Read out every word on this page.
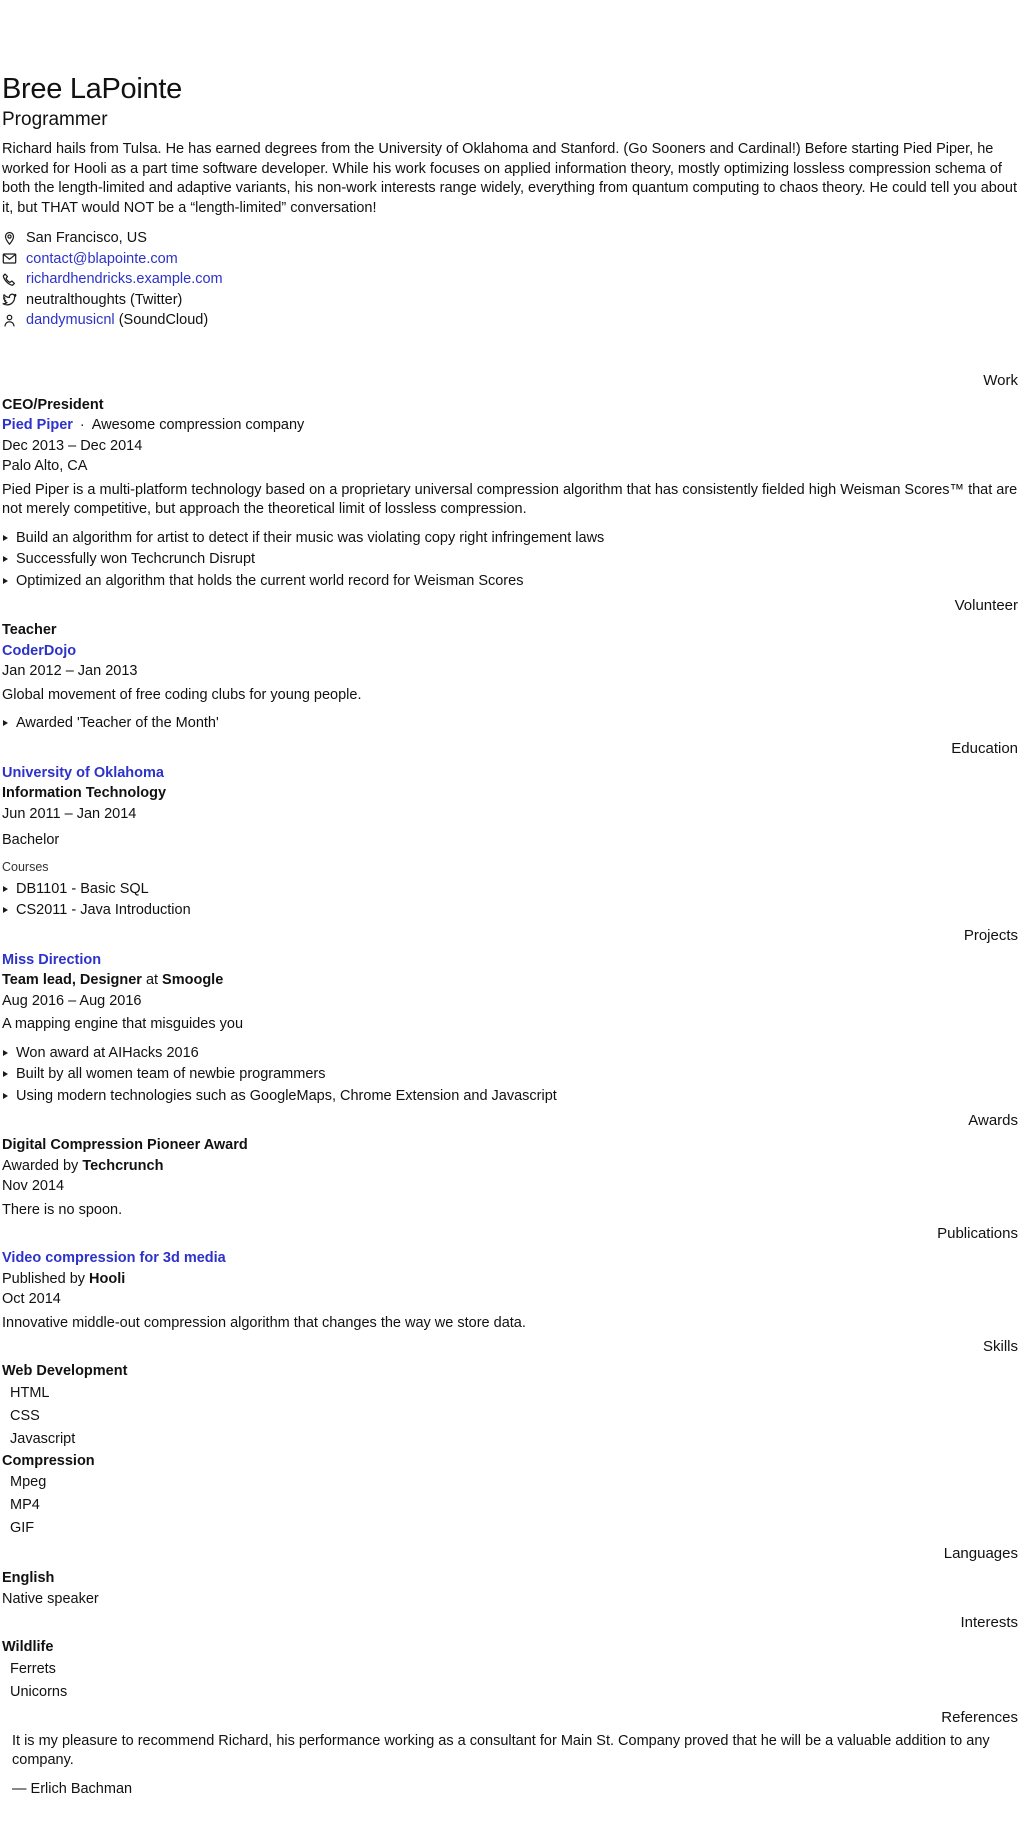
Bree LaPointe
Programmer

Richard hails from Tulsa. He has earned degrees from the University of Oklahoma and Stanford. (Go Sooners and Cardinal!) Before starting Pied Piper, he worked for Hooli as a part time software developer. While his work focuses on applied information theory, mostly optimizing lossless compression schema of both the length-limited and adaptive variants, his non-work interests range widely, everything from quantum computing to chaos theory. He could tell you about it, but THAT would NOT be a “length-limited” conversation!

San Francisco, US
contact@blapointe.com
richardhendricks.example.com
neutralthoughts (Twitter)
dandymusicnl (SoundCloud)
Work
CEO/President
Pied Piper · Awesome compression company
Dec 2013 – Dec 2014
Palo Alto, CA

Pied Piper is a multi-platform technology based on a proprietary universal compression algorithm that has consistently fielded high Weisman Scores™ that are not merely competitive, but approach the theoretical limit of lossless compression.

Build an algorithm for artist to detect if their music was violating copy right infringement laws
Successfully won Techcrunch Disrupt
Optimized an algorithm that holds the current world record for Weisman Scores
Volunteer
Teacher
CoderDojo
Jan 2012 – Jan 2013

Global movement of free coding clubs for young people.

Awarded 'Teacher of the Month'
Education
University of Oklahoma
Information Technology
Jun 2011 – Jan 2014
Bachelor
Courses
DB1101 - Basic SQL
CS2011 - Java Introduction
Projects
Miss Direction
Team lead, Designer at Smoogle
Aug 2016 – Aug 2016

A mapping engine that misguides you

Won award at AIHacks 2016
Built by all women team of newbie programmers
Using modern technologies such as GoogleMaps, Chrome Extension and Javascript
Awards
Digital Compression Pioneer Award
Awarded by Techcrunch
Nov 2014

There is no spoon.

Publications
Video compression for 3d media
Published by Hooli
Oct 2014

Innovative middle-out compression algorithm that changes the way we store data.

Skills
Web Development
HTML
CSS
Javascript
Compression
Mpeg
MP4
GIF
Languages
English
Native speaker
Interests
Wildlife
Ferrets
Unicorns
References

It is my pleasure to recommend Richard, his performance working as a consultant for Main St. Company proved that he will be a valuable addition to any company.

— Erlich Bachman
